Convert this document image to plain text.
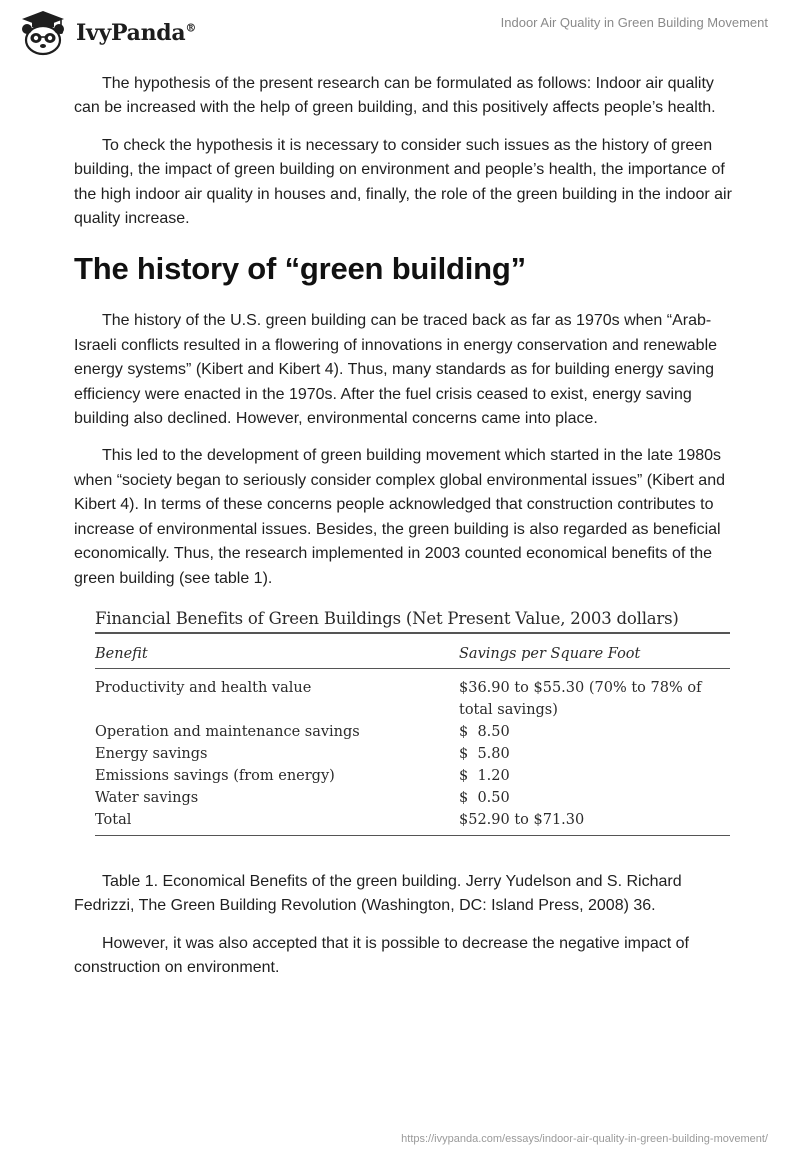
IvyPanda®	Indoor Air Quality in Green Building Movement

The hypothesis of the present research can be formulated as follows: Indoor air quality can be increased with the help of green building, and this positively affects people’s health.

To check the hypothesis it is necessary to consider such issues as the history of green building, the impact of green building on environment and people’s health, the importance of the high indoor air quality in houses and, finally, the role of the green building in the indoor air quality increase.

The history of “green building”

The history of the U.S. green building can be traced back as far as 1970s when “Arab-Israeli conflicts resulted in a flowering of innovations in energy conservation and renewable energy systems” (Kibert and Kibert 4). Thus, many standards as for building energy saving efficiency were enacted in the 1970s. After the fuel crisis ceased to exist, energy saving building also declined. However, environmental concerns came into place.

This led to the development of green building movement which started in the late 1980s when “society began to seriously consider complex global environmental issues” (Kibert and Kibert 4). In terms of these concerns people acknowledged that construction contributes to increase of environmental issues. Besides, the green building is also regarded as beneficial economically. Thus, the research implemented in 2003 counted economical benefits of the green building (see table 1).

Financial Benefits of Green Buildings (Net Present Value, 2003 dollars)
Benefit	Savings per Square Foot
Productivity and health value	$36.90 to $55.30 (70% to 78% of
total savings)
Operation and maintenance savings	$  8.50
Energy savings	$  5.80
Emissions savings (from energy)	$  1.20
Water savings	$  0.50
Total	$52.90 to $71.30

Table 1. Economical Benefits of the green building. Jerry Yudelson and S. Richard Fedrizzi, The Green Building Revolution (Washington, DC: Island Press, 2008) 36.

However, it was also accepted that it is possible to decrease the negative impact of construction on environment.

https://ivypanda.com/essays/indoor-air-quality-in-green-building-movement/
